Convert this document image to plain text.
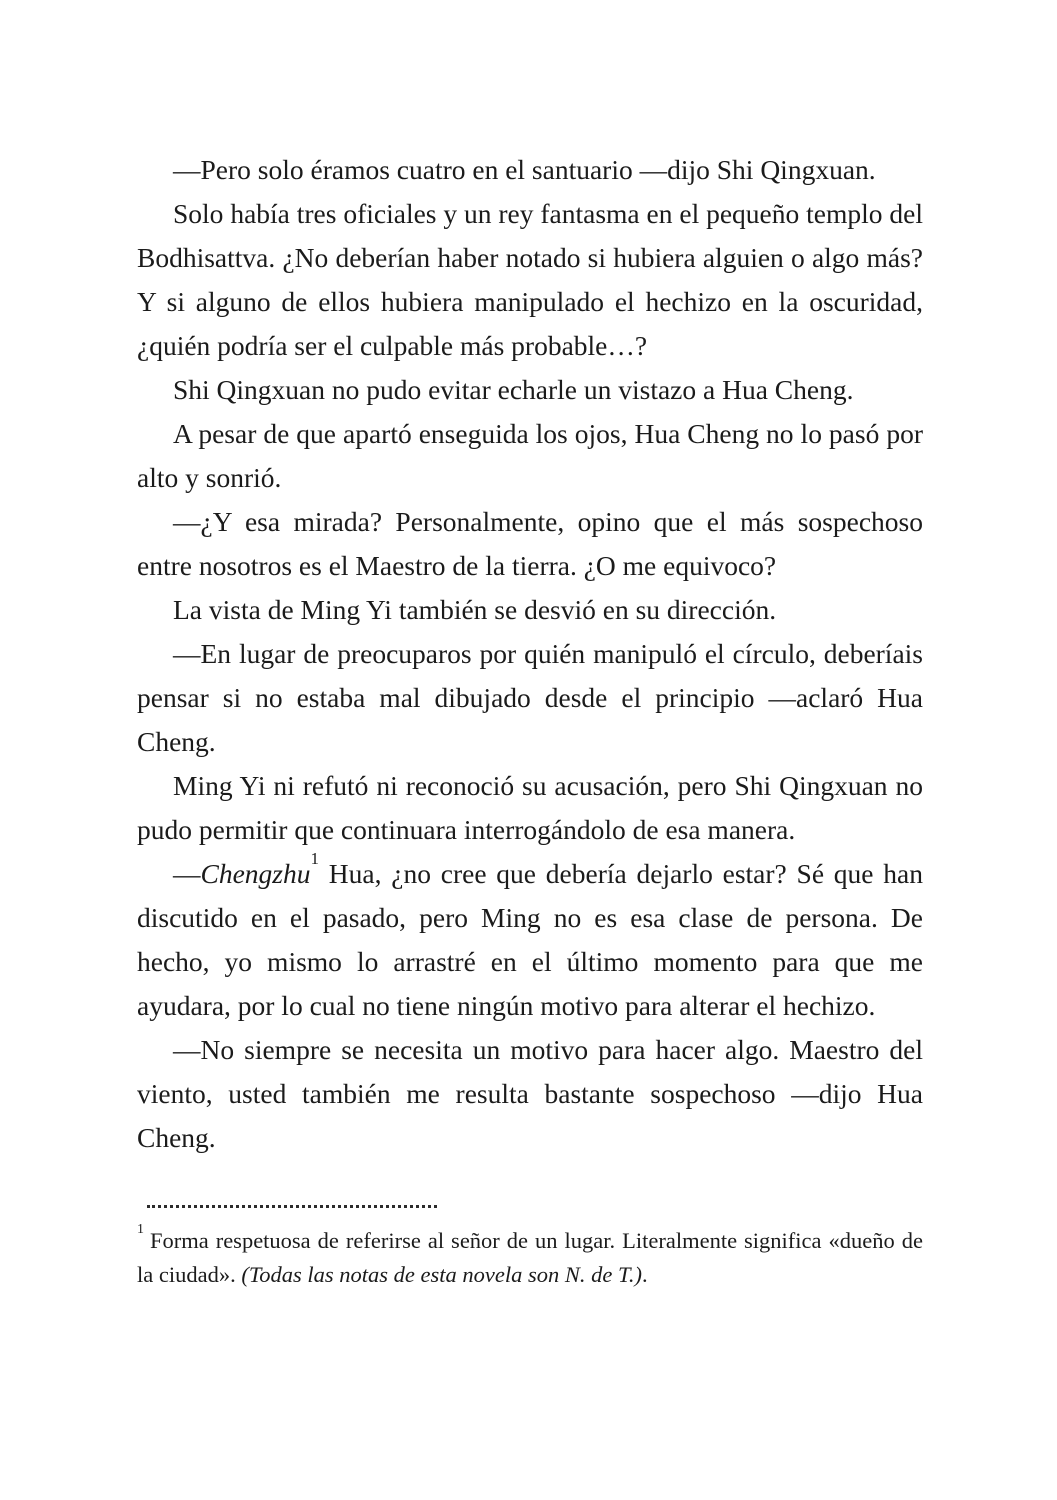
—Pero solo éramos cuatro en el santuario —dijo Shi Qingxuan.

Solo había tres oficiales y un rey fantasma en el pequeño templo del Bodhisattva. ¿No deberían haber notado si hubiera alguien o algo más? Y si alguno de ellos hubiera manipulado el hechizo en la oscuridad, ¿quién podría ser el culpable más probable…?

Shi Qingxuan no pudo evitar echarle un vistazo a Hua Cheng.

A pesar de que apartó enseguida los ojos, Hua Cheng no lo pasó por alto y sonrió.

—¿Y esa mirada? Personalmente, opino que el más sospechoso entre nosotros es el Maestro de la tierra. ¿O me equivoco?

La vista de Ming Yi también se desvió en su dirección.

—En lugar de preocuparos por quién manipuló el círculo, deberíais pensar si no estaba mal dibujado desde el principio —aclaró Hua Cheng.

Ming Yi ni refutó ni reconoció su acusación, pero Shi Qingxuan no pudo permitir que continuara interrogándolo de esa manera.

—Chengzhu$^1$ Hua, ¿no cree que debería dejarlo estar? Sé que han discutido en el pasado, pero Ming no es esa clase de persona. De hecho, yo mismo lo arrastré en el último momento para que me ayudara, por lo cual no tiene ningún motivo para alterar el hechizo.

—No siempre se necesita un motivo para hacer algo. Maestro del viento, usted también me resulta bastante sospechoso —dijo Hua Cheng.

$^1$ Forma respetuosa de referirse al señor de un lugar. Literalmente significa «dueño de la ciudad». (Todas las notas de esta novela son N. de T.).
